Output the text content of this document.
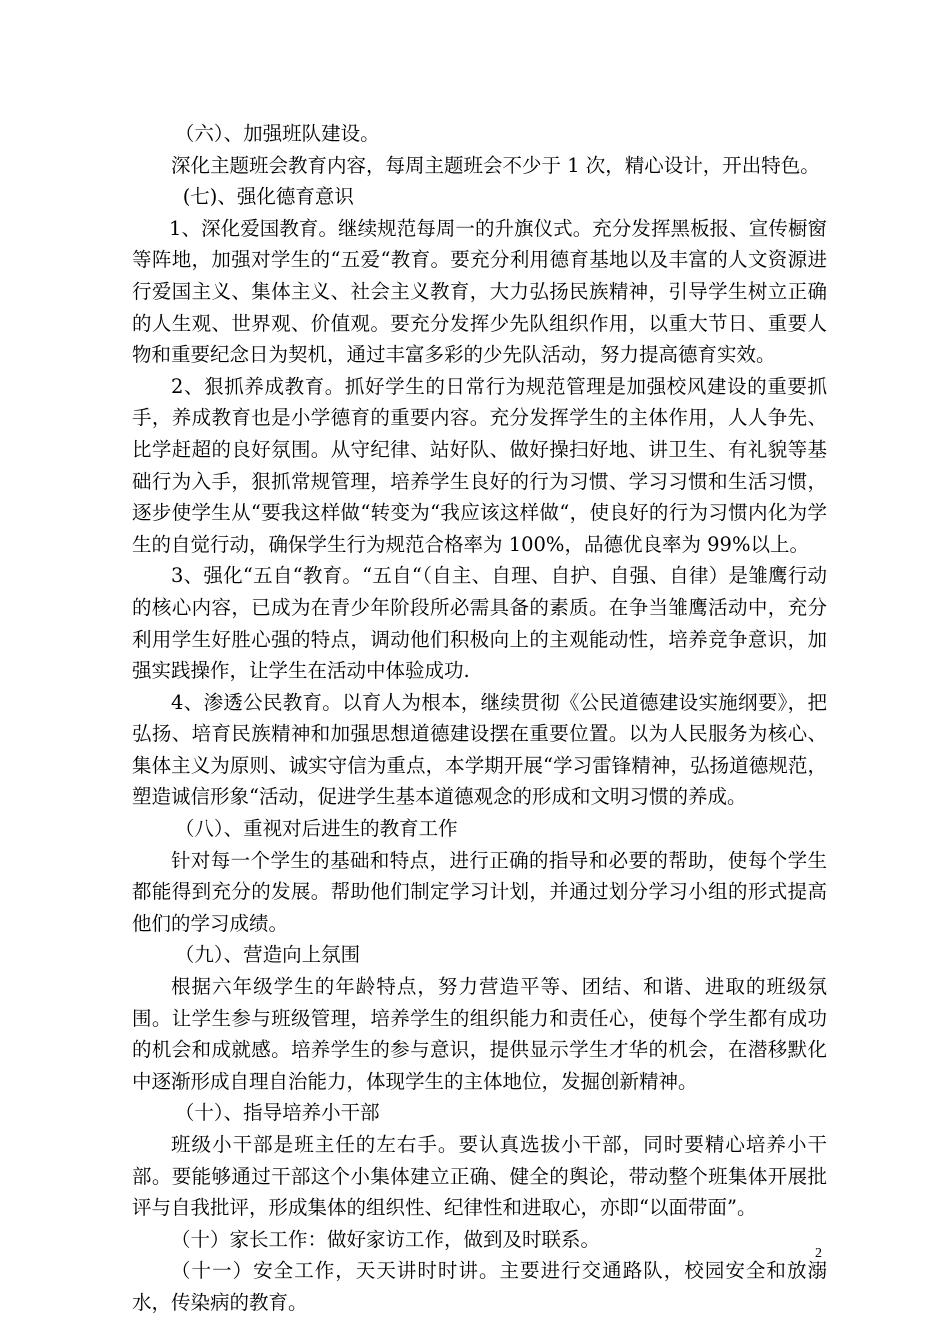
（六）、加强班队建设。

深化主题班会教育内容，每周主题班会不少于 1 次，精心设计，开出特色。

(七)、强化德育意识

1、深化爱国教育。继续规范每周一的升旗仪式。充分发挥黑板报、宣传橱窗等阵地，加强对学生的“五爱“教育。要充分利用德育基地以及丰富的人文资源进行爱国主义、集体主义、社会主义教育，大力弘扬民族精神，引导学生树立正确的人生观、世界观、价值观。要充分发挥少先队组织作用，以重大节日、重要人物和重要纪念日为契机，通过丰富多彩的少先队活动，努力提高德育实效。

2、狠抓养成教育。抓好学生的日常行为规范管理是加强校风建设的重要抓手，养成教育也是小学德育的重要内容。充分发挥学生的主体作用，人人争先、比学赶超的良好氛围。从守纪律、站好队、做好操扫好地、讲卫生、有礼貌等基础行为入手，狠抓常规管理，培养学生良好的行为习惯、学习习惯和生活习惯，逐步使学生从“要我这样做“转变为“我应该这样做“，使良好的行为习惯内化为学生的自觉行动，确保学生行为规范合格率为 100%，品德优良率为 99%以上。

3、强化“五自“教育。“五自“（自主、自理、自护、自强、自律）是雏鹰行动的核心内容，已成为在青少年阶段所必需具备的素质。在争当雏鹰活动中，充分利用学生好胜心强的特点，调动他们积极向上的主观能动性，培养竞争意识，加强实践操作，让学生在活动中体验成功.

4、渗透公民教育。以育人为根本，继续贯彻《公民道德建设实施纲要》，把弘扬、培育民族精神和加强思想道德建设摆在重要位置。以为人民服务为核心、集体主义为原则、诚实守信为重点，本学期开展“学习雷锋精神，弘扬道德规范，塑造诚信形象“活动，促进学生基本道德观念的形成和文明习惯的养成。

（八）、重视对后进生的教育工作

针对每一个学生的基础和特点，进行正确的指导和必要的帮助，使每个学生都能得到充分的发展。帮助他们制定学习计划，并通过划分学习小组的形式提高他们的学习成绩。

（九）、营造向上氛围

根据六年级学生的年龄特点，努力营造平等、团结、和谐、进取的班级氛围。让学生参与班级管理，培养学生的组织能力和责任心，使每个学生都有成功的机会和成就感。培养学生的参与意识，提供显示学生才华的机会，在潜移默化中逐渐形成自理自治能力，体现学生的主体地位，发掘创新精神。

（十）、指导培养小干部

班级小干部是班主任的左右手。要认真选拔小干部，同时要精心培养小干部。要能够通过干部这个小集体建立正确、健全的舆论，带动整个班集体开展批评与自我批评，形成集体的组织性、纪律性和进取心，亦即“以面带面”。

（十）家长工作：做好家访工作，做到及时联系。

（十一）安全工作，天天讲时时讲。主要进行交通路队，校园安全和放溺水，传染病的教育。

2
